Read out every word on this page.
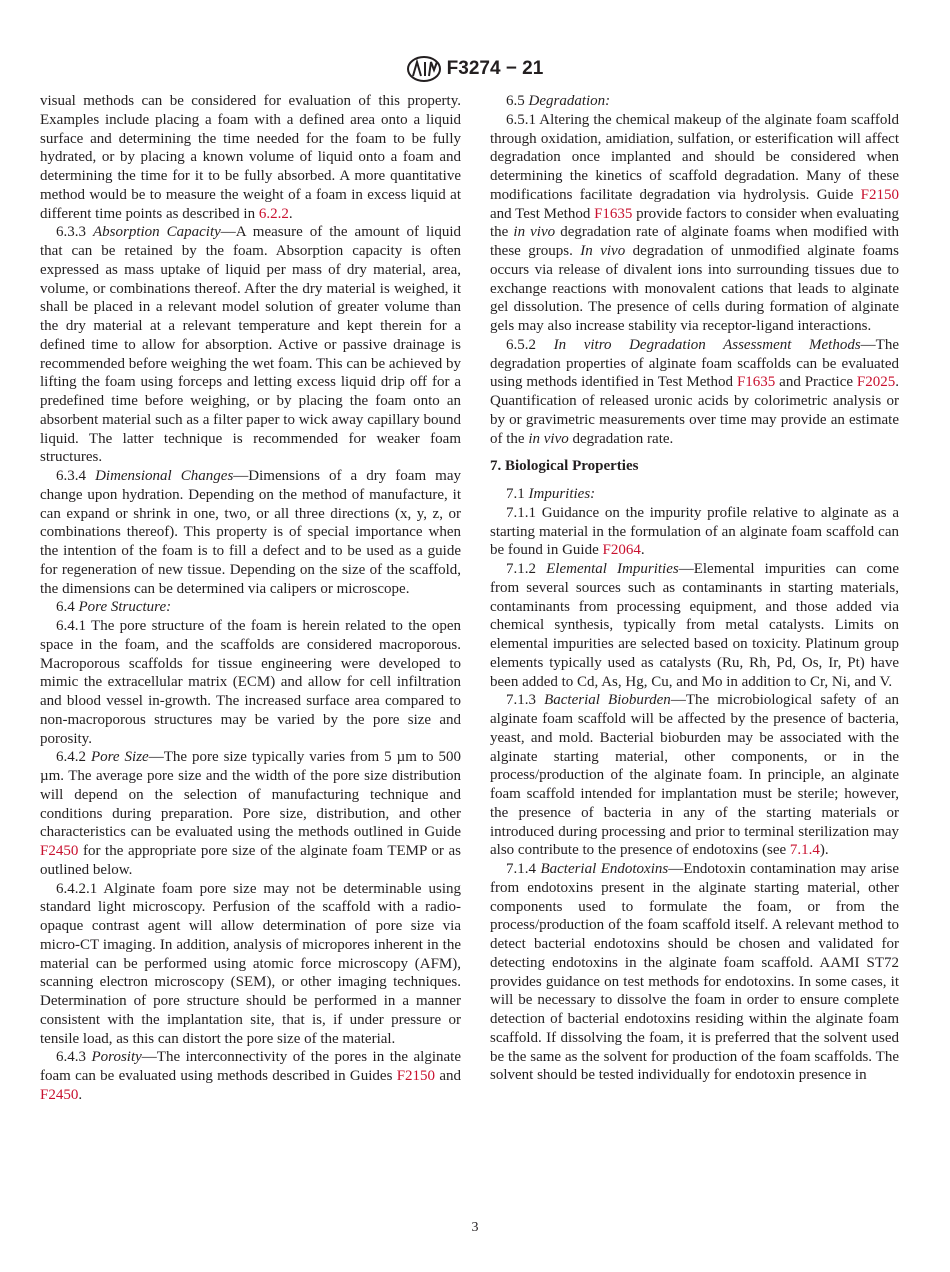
F3274 − 21

visual methods can be considered for evaluation of this property. Examples include placing a foam with a defined area onto a liquid surface and determining the time needed for the foam to be fully hydrated, or by placing a known volume of liquid onto a foam and determining the time for it to be fully absorbed. A more quantitative method would be to measure the weight of a foam in excess liquid at different time points as described in 6.2.2.

6.3.3 Absorption Capacity—A measure of the amount of liquid that can be retained by the foam. Absorption capacity is often expressed as mass uptake of liquid per mass of dry material, area, volume, or combinations thereof. After the dry material is weighed, it shall be placed in a relevant model solution of greater volume than the dry material at a relevant temperature and kept therein for a defined time to allow for absorption. Active or passive drainage is recommended before weighing the wet foam. This can be achieved by lifting the foam using forceps and letting excess liquid drip off for a predefined time before weighing, or by placing the foam onto an absorbent material such as a filter paper to wick away capillary bound liquid. The latter technique is recommended for weaker foam structures.

6.3.4 Dimensional Changes—Dimensions of a dry foam may change upon hydration. Depending on the method of manufacture, it can expand or shrink in one, two, or all three directions (x, y, z, or combinations thereof). This property is of special importance when the intention of the foam is to fill a defect and to be used as a guide for regeneration of new tissue. Depending on the size of the scaffold, the dimensions can be determined via calipers or microscope.

6.4 Pore Structure:

6.4.1 The pore structure of the foam is herein related to the open space in the foam, and the scaffolds are considered macroporous. Macroporous scaffolds for tissue engineering were developed to mimic the extracellular matrix (ECM) and allow for cell infiltration and blood vessel in-growth. The increased surface area compared to non-macroporous structures may be varied by the pore size and porosity.

6.4.2 Pore Size—The pore size typically varies from 5 µm to 500 µm. The average pore size and the width of the pore size distribution will depend on the selection of manufacturing technique and conditions during preparation. Pore size, distribution, and other characteristics can be evaluated using the methods outlined in Guide F2450 for the appropriate pore size of the alginate foam TEMP or as outlined below.

6.4.2.1 Alginate foam pore size may not be determinable using standard light microscopy. Perfusion of the scaffold with a radio-opaque contrast agent will allow determination of pore size via micro-CT imaging. In addition, analysis of micropores inherent in the material can be performed using atomic force microscopy (AFM), scanning electron microscopy (SEM), or other imaging techniques. Determination of pore structure should be performed in a manner consistent with the implantation site, that is, if under pressure or tensile load, as this can distort the pore size of the material.

6.4.3 Porosity—The interconnectivity of the pores in the alginate foam can be evaluated using methods described in Guides F2150 and F2450.

6.5 Degradation:

6.5.1 Altering the chemical makeup of the alginate foam scaffold through oxidation, amidiation, sulfation, or esterification will affect degradation once implanted and should be considered when determining the kinetics of scaffold degradation. Many of these modifications facilitate degradation via hydrolysis. Guide F2150 and Test Method F1635 provide factors to consider when evaluating the in vivo degradation rate of alginate foams when modified with these groups. In vivo degradation of unmodified alginate foams occurs via release of divalent ions into surrounding tissues due to exchange reactions with monovalent cations that leads to alginate gel dissolution. The presence of cells during formation of alginate gels may also increase stability via receptor-ligand interactions.

6.5.2 In vitro Degradation Assessment Methods—The degradation properties of alginate foam scaffolds can be evaluated using methods identified in Test Method F1635 and Practice F2025. Quantification of released uronic acids by colorimetric analysis or by or gravimetric measurements over time may provide an estimate of the in vivo degradation rate.

7. Biological Properties

7.1 Impurities:

7.1.1 Guidance on the impurity profile relative to alginate as a starting material in the formulation of an alginate foam scaffold can be found in Guide F2064.

7.1.2 Elemental Impurities—Elemental impurities can come from several sources such as contaminants in starting materials, contaminants from processing equipment, and those added via chemical synthesis, typically from metal catalysts. Limits on elemental impurities are selected based on toxicity. Platinum group elements typically used as catalysts (Ru, Rh, Pd, Os, Ir, Pt) have been added to Cd, As, Hg, Cu, and Mo in addition to Cr, Ni, and V.

7.1.3 Bacterial Bioburden—The microbiological safety of an alginate foam scaffold will be affected by the presence of bacteria, yeast, and mold. Bacterial bioburden may be associated with the alginate starting material, other components, or in the process/production of the alginate foam. In principle, an alginate foam scaffold intended for implantation must be sterile; however, the presence of bacteria in any of the starting materials or introduced during processing and prior to terminal sterilization may also contribute to the presence of endotoxins (see 7.1.4).

7.1.4 Bacterial Endotoxins—Endotoxin contamination may arise from endotoxins present in the alginate starting material, other components used to formulate the foam, or from the process/production of the foam scaffold itself. A relevant method to detect bacterial endotoxins should be chosen and validated for detecting endotoxins in the alginate foam scaffold. AAMI ST72 provides guidance on test methods for endotoxins. In some cases, it will be necessary to dissolve the foam in order to ensure complete detection of bacterial endotoxins residing within the alginate foam scaffold. If dissolving the foam, it is preferred that the solvent used be the same as the solvent for production of the foam scaffolds. The solvent should be tested individually for endotoxin presence in

3
